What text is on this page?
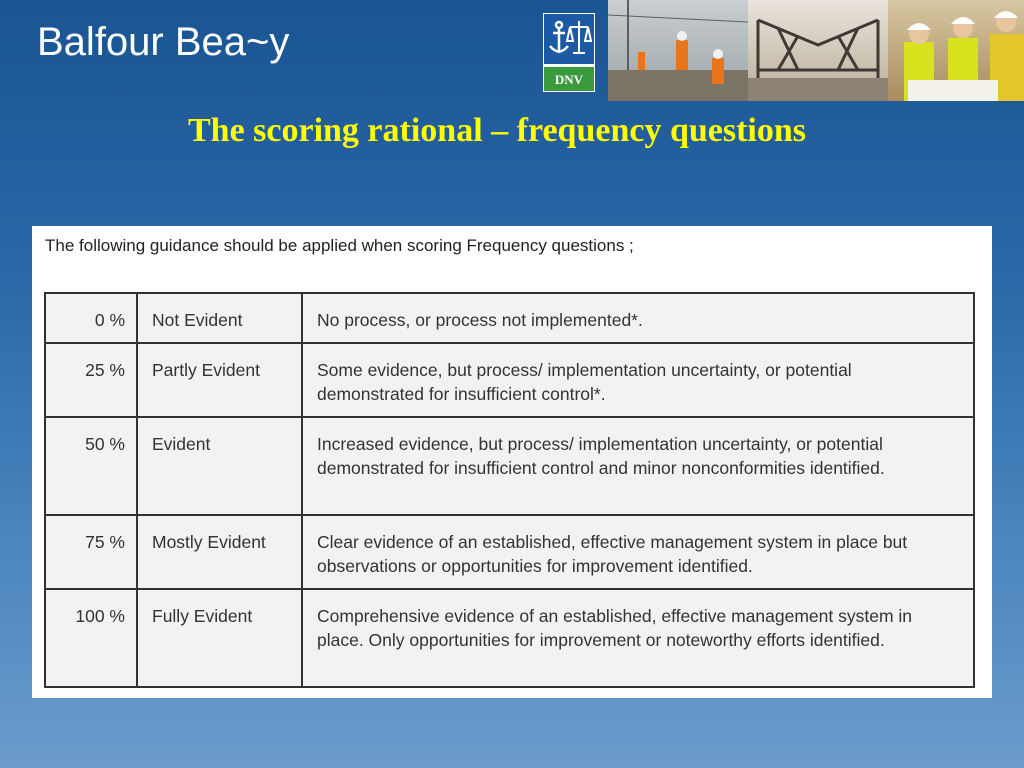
Balfour Bea~y
DNV
The scoring rational – frequency questions
The following guidance should be applied when scoring Frequency questions ;
0 %	Not Evident	No process, or process not implemented*.
25 %	Partly Evident	Some evidence, but process/ implementation uncertainty, or potential demonstrated for insufficient control*.
50 %	Evident	Increased evidence, but process/ implementation uncertainty, or potential demonstrated for insufficient control and minor nonconformities identified.
75 %	Mostly Evident	Clear evidence of an established, effective management system in place but observations or opportunities for improvement identified.
100 %	Fully Evident	Comprehensive evidence of an established, effective management system in place. Only opportunities for improvement or noteworthy efforts identified.
